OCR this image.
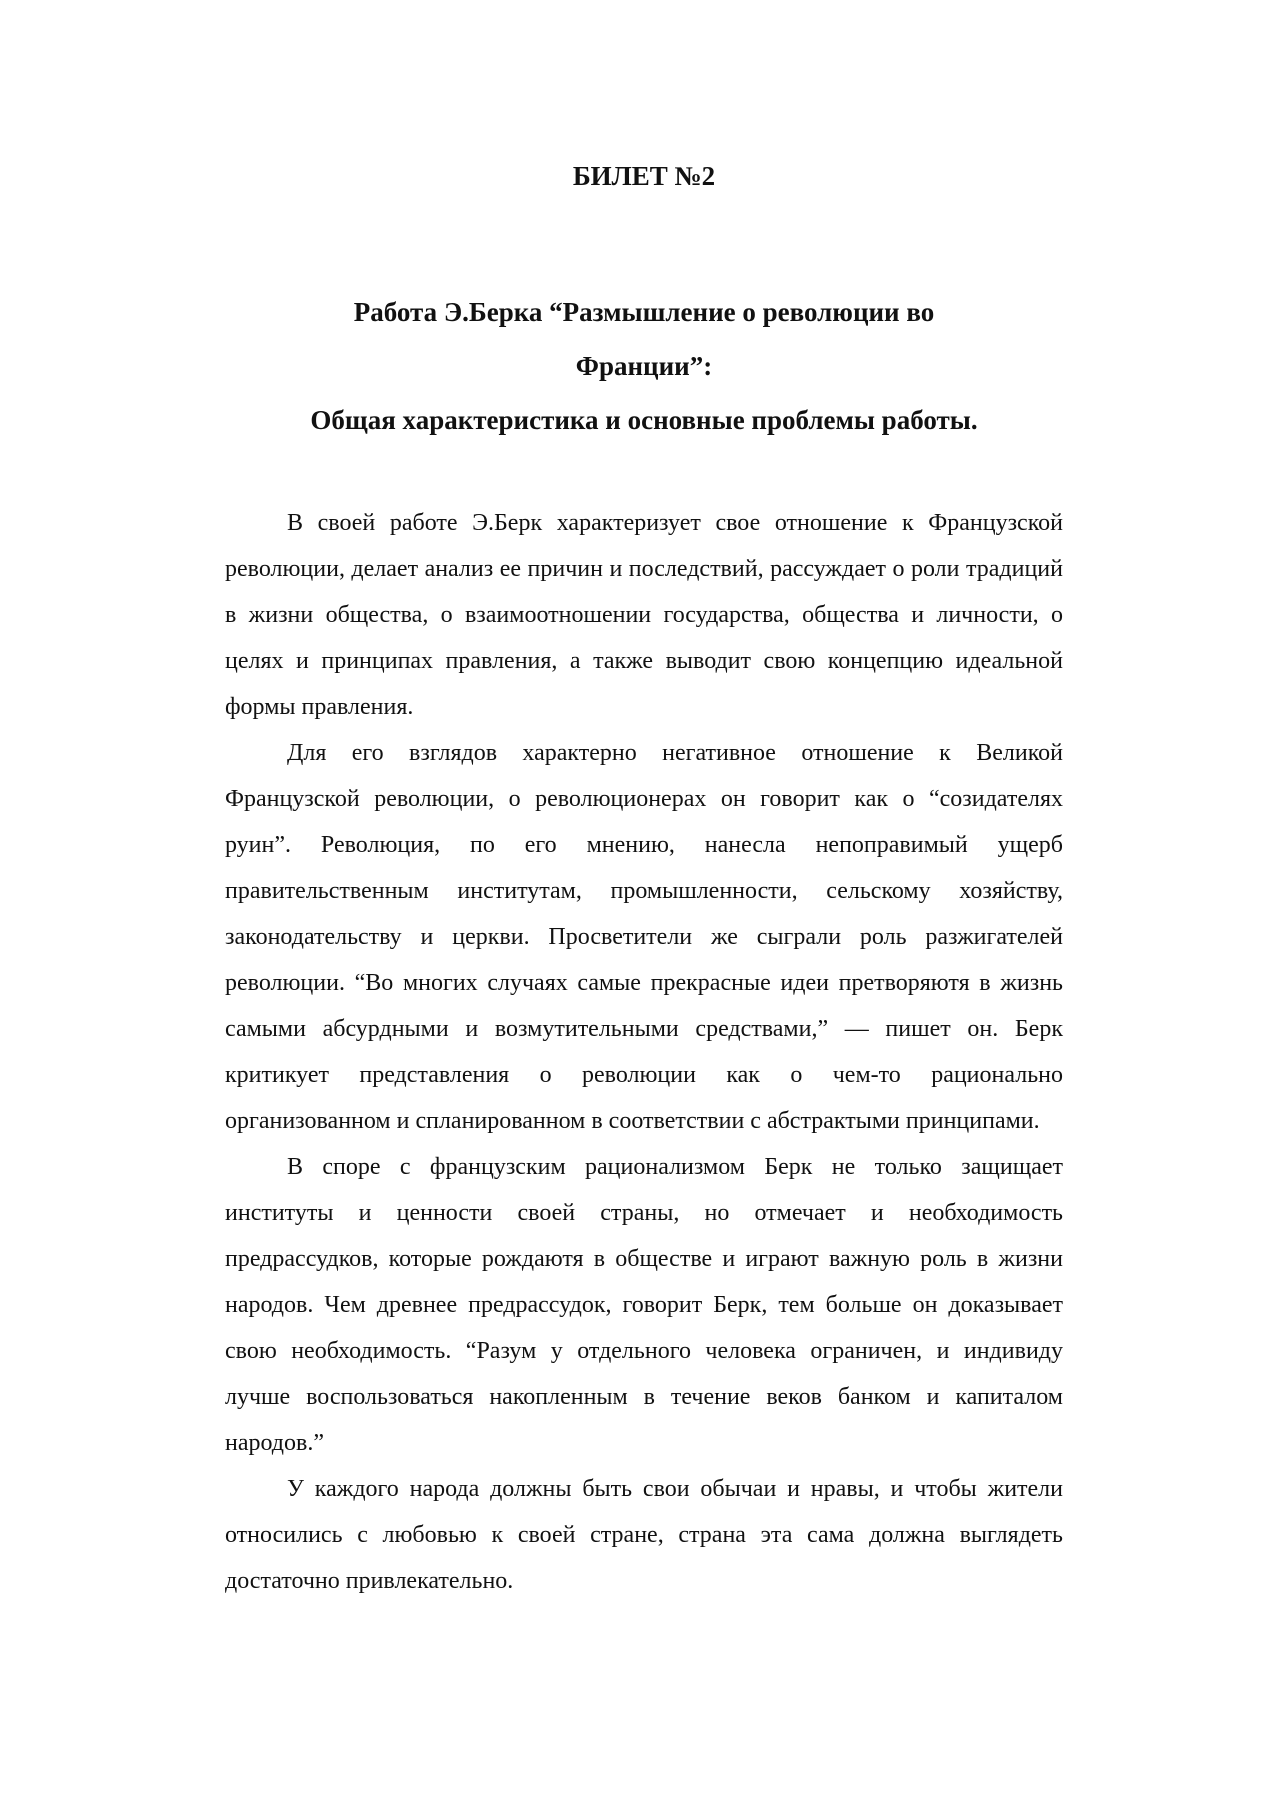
БИЛЕТ №2
Работа Э.Берка “Размышление о революции во
Франции”:
Общая характеристика и основные проблемы работы.

В своей работе Э.Берк характеризует свое отношение к Французской революции, делает анализ ее причин и последствий, рассуждает о роли традиций в жизни общества, о взаимоотношении государства, общества и личности, о целях и принципах правления, а также выводит свою концепцию идеальной формы правления.

Для его взглядов характерно негативное отношение к Великой Французской революции, о революционерах он говорит как о “созидателях руин”. Революция, по его мнению, нанесла непоправимый ущерб правительственным институтам, промышленности, сельскому хозяйству, законодательству и церкви. Просветители же сыграли роль разжигателей революции. “Во многих случаях самые прекрасные идеи претворяютя в жизнь самыми абсурдными и возмутительными средствами,” — пишет он. Берк критикует представления о революции как о чем-то рационально организованном и спланированном в соответствии с абстрактыми принципами.

В споре с французским рационализмом Берк не только защищает институты и ценности своей страны, но отмечает и необходимость предрассудков, которые рождаютя в обществе и играют важную роль в жизни народов. Чем древнее предрассудок, говорит Берк, тем больше он доказывает свою необходимость. “Разум у отдельного человека ограничен, и индивиду лучше воспользоваться накопленным в течение веков банком и капиталом народов.”

У каждого народа должны быть свои обычаи и нравы, и чтобы жители относились с любовью к своей стране, страна эта сама должна выглядеть достаточно привлекательно.
